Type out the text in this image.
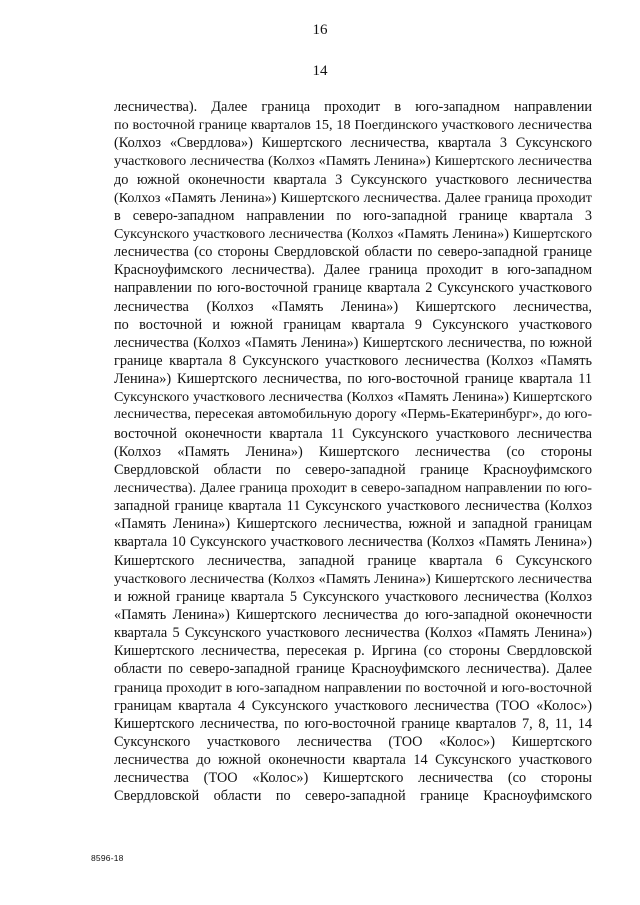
16
14
лесничества). Далее граница проходит в юго-западном направлении
по восточной границе кварталов 15, 18 Поегдинского участкового лесничества
(Колхоз «Свердлова») Кишертского лесничества, квартала 3 Суксунского
участкового лесничества (Колхоз «Память Ленина») Кишертского лесничества
до южной оконечности квартала 3 Суксунского участкового лесничества
(Колхоз «Память Ленина») Кишертского лесничества. Далее граница проходит
в северо-западном направлении по юго-западной границе квартала 3
Суксунского участкового лесничества (Колхоз «Память Ленина») Кишертского
лесничества (со стороны Свердловской области по северо-западной границе
Красноуфимского лесничества). Далее граница проходит в юго-западном
направлении по юго-восточной границе квартала 2 Суксунского участкового
лесничества (Колхоз «Память Ленина») Кишертского лесничества,
по восточной и южной границам квартала 9 Суксунского участкового
лесничества (Колхоз «Память Ленина») Кишертского лесничества, по южной
границе квартала 8 Суксунского участкового лесничества (Колхоз «Память
Ленина») Кишертского лесничества, по юго-восточной границе квартала 11
Суксунского участкового лесничества (Колхоз «Память Ленина») Кишертского
лесничества, пересекая автомобильную дорогу «Пермь-Екатеринбург», до юго-
восточной оконечности квартала 11 Суксунского участкового лесничества
(Колхоз «Память Ленина») Кишертского лесничества (со стороны
Свердловской области по северо-западной границе Красноуфимского
лесничества). Далее граница проходит в северо-западном направлении по юго-
западной границе квартала 11 Суксунского участкового лесничества (Колхоз
«Память Ленина») Кишертского лесничества, южной и западной границам
квартала 10 Суксунского участкового лесничества (Колхоз «Память Ленина»)
Кишертского лесничества, западной границе квартала 6 Суксунского
участкового лесничества (Колхоз «Память Ленина») Кишертского лесничества
и южной границе квартала 5 Суксунского участкового лесничества (Колхоз
«Память Ленина») Кишертского лесничества до юго-западной оконечности
квартала 5 Суксунского участкового лесничества (Колхоз «Память Ленина»)
Кишертского лесничества, пересекая р. Иргина (со стороны Свердловской
области по северо-западной границе Красноуфимского лесничества). Далее
граница проходит в юго-западном направлении по восточной и юго-восточной
границам квартала 4 Суксунского участкового лесничества (ТОО «Колос»)
Кишертского лесничества, по юго-восточной границе кварталов 7, 8, 11, 14
Суксунского участкового лесничества (ТОО «Колос») Кишертского
лесничества до южной оконечности квартала 14 Суксунского участкового
лесничества (ТОО «Колос») Кишертского лесничества (со стороны
Свердловской области по северо-западной границе Красноуфимского
8596-18
